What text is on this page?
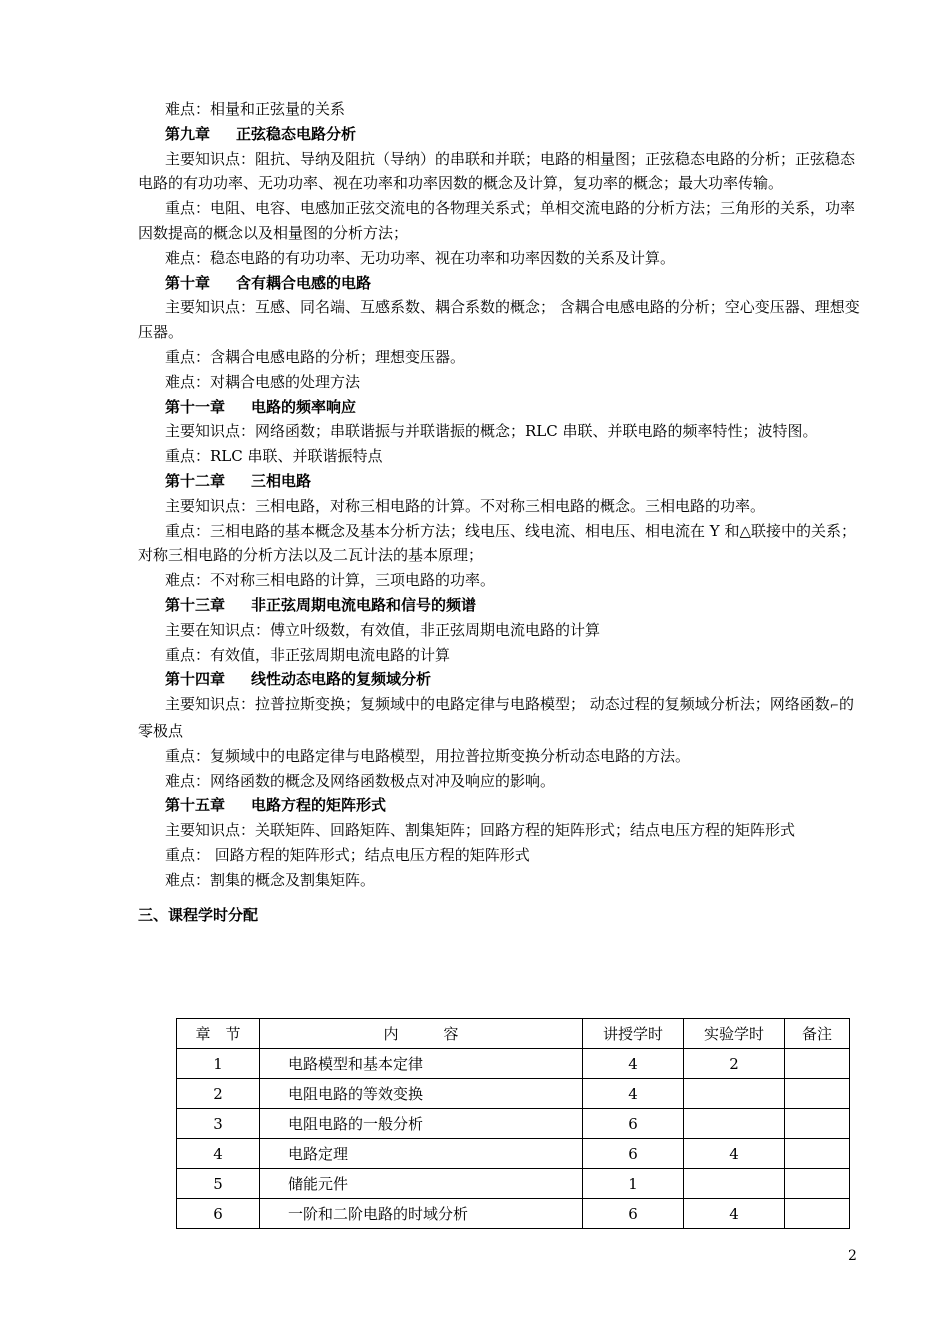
难点：相量和正弦量的关系
第九章 正弦稳态电路分析
主要知识点：阻抗、导纳及阻抗（导纳）的串联和并联；电路的相量图；正弦稳态电路的分析；正弦稳态电路的有功功率、无功功率、视在功率和功率因数的概念及计算，复功率的概念；最大功率传输。
重点：电阻、电容、电感加正弦交流电的各物理关系式；单相交流电路的分析方法；三角形的关系，功率因数提高的概念以及相量图的分析方法；
难点：稳态电路的有功功率、无功功率、视在功率和功率因数的关系及计算。
第十章 含有耦合电感的电路
主要知识点：互感、同名端、互感系数、耦合系数的概念； 含耦合电感电路的分析；空心变压器、理想变压器。
重点：含耦合电感电路的分析；理想变压器。
难点：对耦合电感的处理方法
第十一章 电路的频率响应
主要知识点：网络函数；串联谐振与并联谐振的概念；RLC 串联、并联电路的频率特性；波特图。
重点：RLC 串联、并联谐振特点
第十二章 三相电路
主要知识点：三相电路，对称三相电路的计算。不对称三相电路的概念。三相电路的功率。
重点：三相电路的基本概念及基本分析方法；线电压、线电流、相电压、相电流在 Y 和△联接中的关系；对称三相电路的分析方法以及二瓦计法的基本原理；
难点：不对称三相电路的计算，三项电路的功率。
第十三章 非正弦周期电流电路和信号的频谱
主要在知识点：傅立叶级数，有效值，非正弦周期电流电路的计算
重点：有效值，非正弦周期电流电路的计算
第十四章 线性动态电路的复频域分析
主要知识点：拉普拉斯变换；复频域中的电路定律与电路模型； 动态过程的复频域分析法；网络函数⌐的零极点
重点：复频域中的电路定律与电路模型，用拉普拉斯变换分析动态电路的方法。
难点：网络函数的概念及网络函数极点对冲及响应的影响。
第十五章 电路方程的矩阵形式
主要知识点：关联矩阵、回路矩阵、割集矩阵；回路方程的矩阵形式；结点电压方程的矩阵形式
重点： 回路方程的矩阵形式；结点电压方程的矩阵形式
难点：割集的概念及割集矩阵。
三、课程学时分配
章　节	内　　　容	讲授学时	实验学时	备注
1	电路模型和基本定律	4	2	
2	电阻电路的等效变换	4		
3	电阻电路的一般分析	6		
4	电路定理	6	4	
5	储能元件	1		
6	一阶和二阶电路的时域分析	6	4	
2
